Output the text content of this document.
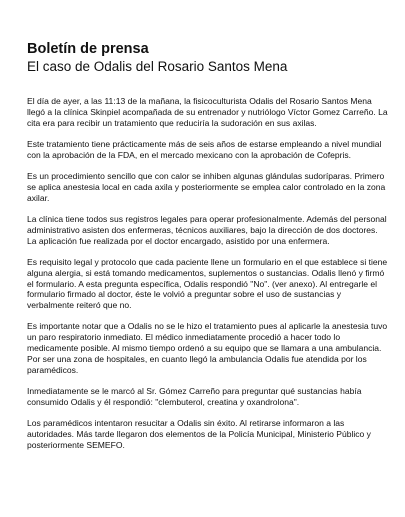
Boletín de prensa
El caso de Odalis del Rosario Santos Mena

El día de ayer, a las 11:13 de la mañana, la fisicoculturista Odalis del Rosario Santos Mena llegó a la clínica Skinpiel acompañada de su entrenador y nutriólogo Víctor Gomez Carreño. La cita era para recibir un tratamiento que reduciría la sudoración en sus axilas.

Este tratamiento tiene prácticamente más de seis años de estarse empleando a nivel mundial con la aprobación de la FDA, en el mercado mexicano con la aprobación de Cofepris.

Es un procedimiento sencillo que con calor se inhiben algunas glándulas sudoríparas. Primero se aplica anestesia local en cada axila y posteriormente se emplea calor controlado en la zona axilar.

La clínica tiene todos sus registros legales para operar profesionalmente. Además del personal administrativo asisten dos enfermeras, técnicos auxiliares, bajo la dirección de dos doctores. La aplicación fue realizada por el doctor encargado, asistido por una enfermera.

Es requisito legal y protocolo que cada paciente llene un formulario en el que establece si tiene alguna alergia, si está tomando medicamentos, suplementos o sustancias. Odalis llenó y firmó el formulario. A esta pregunta específica, Odalis respondió "No". (ver anexo). Al entregarle el formulario firmado al doctor, éste le volvió a preguntar sobre el uso de sustancias y verbalmente reiteró que no.

Es importante notar que a Odalis no se le hizo el tratamiento pues al aplicarle la anestesia tuvo un paro respiratorio inmediato. El médico inmediatamente procedió a hacer todo lo medicamente posible. Al mismo tiempo ordenó a su equipo que se llamara a una ambulancia. Por ser una zona de hospitales, en cuanto llegó la ambulancia Odalis fue atendida por los paramédicos.

Inmediatamente se le marcó al Sr. Gómez Carreño para preguntar qué sustancias había consumido Odalis y él respondió: "clembuterol, creatina y oxandrolona".

Los paramédicos intentaron resucitar a Odalis sin éxito. Al retirarse informaron a las autoridades. Más tarde llegaron dos elementos de la Policía Municipal, Ministerio Público y posteriormente SEMEFO.
